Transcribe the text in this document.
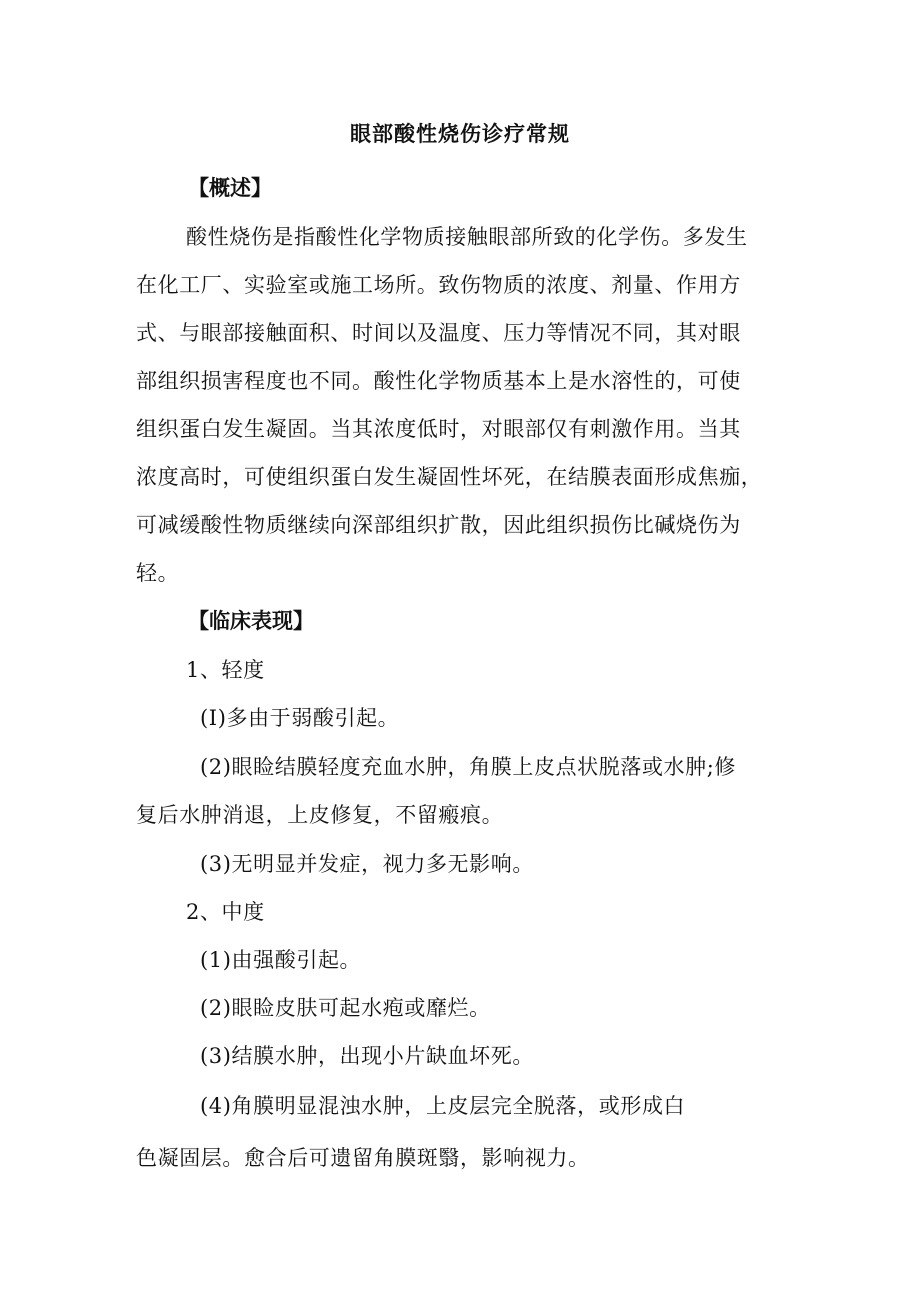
眼部酸性烧伤诊疗常规
【概述】
酸性烧伤是指酸性化学物质接触眼部所致的化学伤。多发生
在化工厂、实验室或施工场所。致伤物质的浓度、剂量、作用方
式、与眼部接触面积、时间以及温度、压力等情况不同，其对眼
部组织损害程度也不同。酸性化学物质基本上是水溶性的，可使
组织蛋白发生凝固。当其浓度低时，对眼部仅有刺激作用。当其
浓度高时，可使组织蛋白发生凝固性坏死，在结膜表面形成焦痂，
可减缓酸性物质继续向深部组织扩散，因此组织损伤比碱烧伤为
轻。
【临床表现】
1、轻度
(I)多由于弱酸引起。
(2)眼睑结膜轻度充血水肿，角膜上皮点状脱落或水肿;修
复后水肿消退，上皮修复，不留瘢痕。
(3)无明显并发症，视力多无影响。
2、中度
(1)由强酸引起。
(2)眼睑皮肤可起水疱或靡烂。
(3)结膜水肿，出现小片缺血坏死。
(4)角膜明显混浊水肿，上皮层完全脱落，或形成白
色凝固层。愈合后可遗留角膜斑翳，影响视力。
